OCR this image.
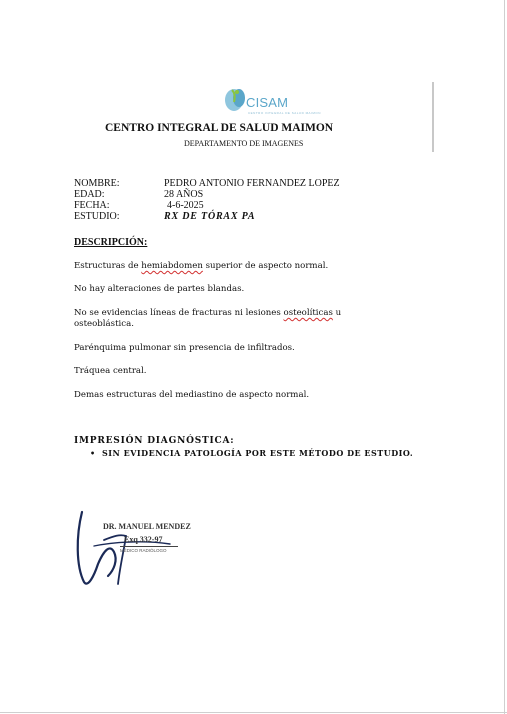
CISAM
CENTRO INTEGRAL DE SALUD MAIMON
CENTRO INTEGRAL DE SALUD MAIMON
DEPARTAMENTO DE IMAGENES
NOMBRE:	PEDRO ANTONIO FERNANDEZ LOPEZ
EDAD:	28 AÑOS
FECHA:	4-6-2025
ESTUDIO:	RX DE TÓRAX PA
DESCRIPCIÓN:
Estructuras de hemiabdomen superior de aspecto normal.
No hay alteraciones de partes blandas.
No se evidencias líneas de fracturas ni lesiones osteolíticas u osteoblástica.
Parénquima pulmonar sin presencia de infiltrados.
Tráquea central.
Demas estructuras del mediastino de aspecto normal.
IMPRESIÓN DIAGNÓSTICA:
• SIN EVIDENCIA PATOLOGÍA POR ESTE MÉTODO DE ESTUDIO.
DR. MANUEL MENDEZ
Exq 332-97
MÉDICO RADIÓLOGO
